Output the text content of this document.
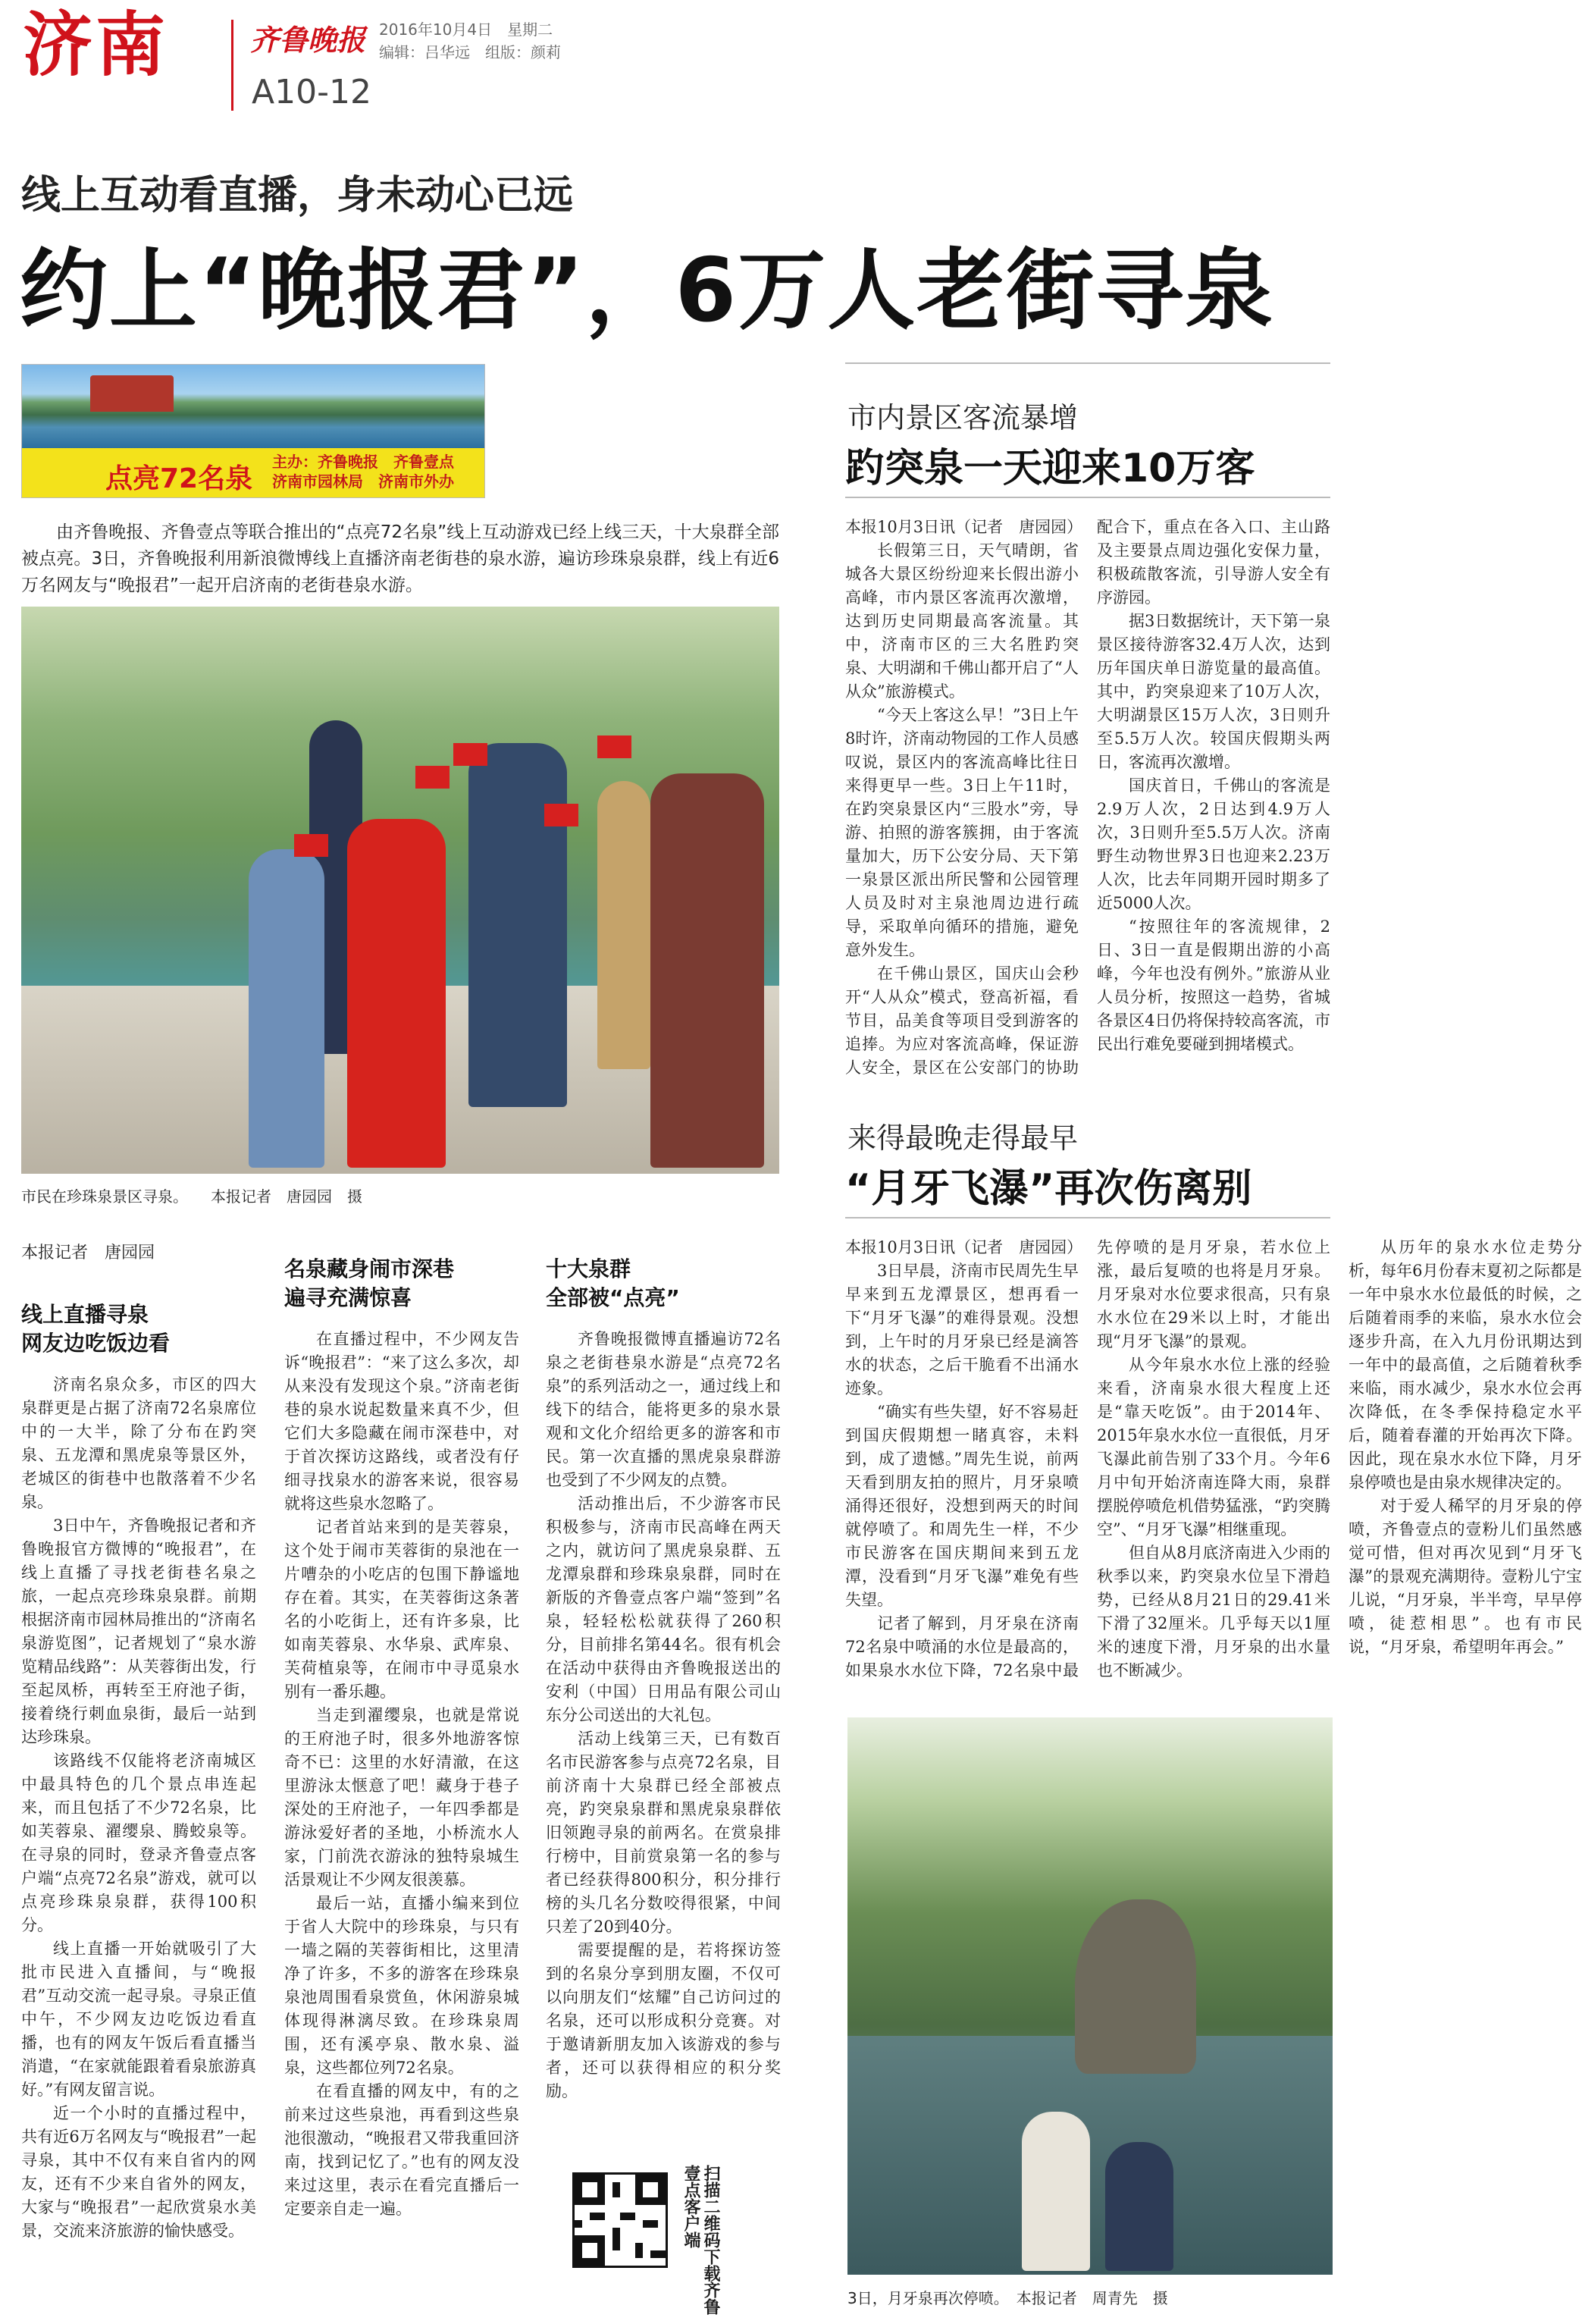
济南	齐鲁晚报 2016年10月4日　星期二
编辑：吕华远　组版：颜莉
A10-12
线上互动看直播，身未动心已远
约上“晚报君”，6万人老街寻泉
点亮72名泉
主办：齐鲁晚报　齐鲁壹点
济南市园林局　济南市外办
由齐鲁晚报、齐鲁壹点等联合推出的“点亮72名泉”线上互动游戏已经上线三天，十大泉群全部被点亮。3日，齐鲁晚报利用新浪微博线上直播济南老街巷的泉水游，遍访珍珠泉泉群，线上有近6万名网友与“晚报君”一起开启济南的老街巷泉水游。
市民在珍珠泉景区寻泉。　　本报记者　唐园园　摄
本报记者　唐园园
线上直播寻泉
网友边吃饭边看

济南名泉众多，市区的四大泉群更是占据了济南72名泉席位中的一大半，除了分布在趵突泉、五龙潭和黑虎泉等景区外，老城区的街巷中也散落着不少名泉。

3日中午，齐鲁晚报记者和齐鲁晚报官方微博的“晚报君”，在线上直播了寻找老街巷名泉之旅，一起点亮珍珠泉泉群。前期根据济南市园林局推出的“济南名泉游览图”，记者规划了“泉水游览精品线路”：从芙蓉街出发，行至起凤桥，再转至王府池子街，接着绕行刺血泉街，最后一站到达珍珠泉。

该路线不仅能将老济南城区中最具特色的几个景点串连起来，而且包括了不少72名泉，比如芙蓉泉、濯缨泉、腾蛟泉等。在寻泉的同时，登录齐鲁壹点客户端“点亮72名泉”游戏，就可以点亮珍珠泉泉群，获得100积分。

线上直播一开始就吸引了大批市民进入直播间，与“晚报君”互动交流一起寻泉。寻泉正值中午，不少网友边吃饭边看直播，也有的网友午饭后看直播当消遣，“在家就能跟着看泉旅游真好。”有网友留言说。

近一个小时的直播过程中，共有近6万名网友与“晚报君”一起寻泉，其中不仅有来自省内的网友，还有不少来自省外的网友，大家与“晚报君”一起欣赏泉水美景，交流来济旅游的愉快感受。

名泉藏身闹市深巷
遍寻充满惊喜

在直播过程中，不少网友告诉“晚报君”：“来了这么多次，却从来没有发现这个泉。”济南老街巷的泉水说起数量来真不少，但它们大多隐藏在闹市深巷中，对于首次探访这路线，或者没有仔细寻找泉水的游客来说，很容易就将这些泉水忽略了。

记者首站来到的是芙蓉泉，这个处于闹市芙蓉街的泉池在一片嘈杂的小吃店的包围下静谧地存在着。其实，在芙蓉街这条著名的小吃街上，还有许多泉，比如南芙蓉泉、水华泉、武库泉、芙荷植泉等，在闹市中寻觅泉水别有一番乐趣。

当走到濯缨泉，也就是常说的王府池子时，很多外地游客惊奇不已：这里的水好清澈，在这里游泳太惬意了吧！藏身于巷子深处的王府池子，一年四季都是游泳爱好者的圣地，小桥流水人家，门前洗衣游泳的独特泉城生活景观让不少网友很羡慕。

最后一站，直播小编来到位于省人大院中的珍珠泉，与只有一墙之隔的芙蓉街相比，这里清净了许多，不多的游客在珍珠泉泉池周围看泉赏鱼，休闲游泉城体现得淋漓尽致。在珍珠泉周围，还有溪亭泉、散水泉、溢泉，这些都位列72名泉。

在看直播的网友中，有的之前来过这些泉池，再看到这些泉池很激动，“晚报君又带我重回济南，找到记忆了。”也有的网友没来过这里，表示在看完直播后一定要亲自走一遍。

十大泉群
全部被“点亮”

齐鲁晚报微博直播遍访72名泉之老街巷泉水游是“点亮72名泉”的系列活动之一，通过线上和线下的结合，能将更多的泉水景观和文化介绍给更多的游客和市民。第一次直播的黑虎泉泉群游也受到了不少网友的点赞。

活动推出后，不少游客市民积极参与，济南市民高峰在两天之内，就访问了黑虎泉泉群、五龙潭泉群和珍珠泉泉群，同时在新版的齐鲁壹点客户端“签到”名泉，轻轻松松就获得了260积分，目前排名第44名。很有机会在活动中获得由齐鲁晚报送出的安利（中国）日用品有限公司山东分公司送出的大礼包。

活动上线第三天，已有数百名市民游客参与点亮72名泉，目前济南十大泉群已经全部被点亮，趵突泉泉群和黑虎泉泉群依旧领跑寻泉的前两名。在赏泉排行榜中，目前赏泉第一名的参与者已经获得800积分，积分排行榜的头几名分数咬得很紧，中间只差了20到40分。

需要提醒的是，若将探访签到的名泉分享到朋友圈，不仅可以向朋友们“炫耀”自己访问过的名泉，还可以形成积分竞赛。对于邀请新朋友加入该游戏的参与者，还可以获得相应的积分奖励。

扫描二维码下载齐鲁壹点客户端
市内景区客流暴增
趵突泉一天迎来10万客

本报10月3日讯（记者　唐园园）

长假第三日，天气晴朗，省城各大景区纷纷迎来长假出游小高峰，市内景区客流再次激增，达到历史同期最高客流量。其中，济南市区的三大名胜趵突泉、大明湖和千佛山都开启了“人从众”旅游模式。

“今天上客这么早！”3日上午8时许，济南动物园的工作人员感叹说，景区内的客流高峰比往日来得更早一些。3日上午11时，在趵突泉景区内“三股水”旁，导游、拍照的游客簇拥，由于客流量加大，历下公安分局、天下第一泉景区派出所民警和公园管理人员及时对主泉池周边进行疏导，采取单向循环的措施，避免意外发生。

在千佛山景区，国庆山会秒开“人从众”模式，登高祈福，看节目，品美食等项目受到游客的追捧。为应对客流高峰，保证游人安全，景区在公安部门的协助配合下，重点在各入口、主山路及主要景点周边强化安保力量，积极疏散客流，引导游人安全有序游园。

据3日数据统计，天下第一泉景区接待游客32.4万人次，达到历年国庆单日游览量的最高值。其中，趵突泉迎来了10万人次，大明湖景区15万人次，3日则升至5.5万人次。较国庆假期头两日，客流再次激增。

国庆首日，千佛山的客流是2.9万人次，2日达到4.9万人次，3日则升至5.5万人次。济南野生动物世界3日也迎来2.23万人次，比去年同期开园时期多了近5000人次。

“按照往年的客流规律，2日、3日一直是假期出游的小高峰，今年也没有例外。”旅游从业人员分析，按照这一趋势，省城各景区4日仍将保持较高客流，市民出行难免要碰到拥堵模式。

来得最晚走得最早
“月牙飞瀑”再次伤离别

本报10月3日讯（记者　唐园园）

3日早晨，济南市民周先生早早来到五龙潭景区，想再看一下“月牙飞瀑”的难得景观。没想到，上午时的月牙泉已经是滴答水的状态，之后干脆看不出涌水迹象。

“确实有些失望，好不容易赶到国庆假期想一睹真容，未料到，成了遗憾。”周先生说，前两天看到朋友拍的照片，月牙泉喷涌得还很好，没想到两天的时间就停喷了。和周先生一样，不少市民游客在国庆期间来到五龙潭，没看到“月牙飞瀑”难免有些失望。

记者了解到，月牙泉在济南72名泉中喷涌的水位是最高的，如果泉水水位下降，72名泉中最先停喷的是月牙泉，若水位上涨，最后复喷的也将是月牙泉。月牙泉对水位要求很高，只有泉水水位在29米以上时，才能出现“月牙飞瀑”的景观。

从今年泉水水位上涨的经验来看，济南泉水很大程度上还是“靠天吃饭”。由于2014年、2015年泉水水位一直很低，月牙飞瀑此前告别了33个月。今年6月中旬开始济南连降大雨，泉群摆脱停喷危机借势猛涨，“趵突腾空”、“月牙飞瀑”相继重现。

但自从8月底济南进入少雨的秋季以来，趵突泉水位呈下滑趋势，已经从8月21日的29.41米下滑了32厘米。几乎每天以1厘米的速度下滑，月牙泉的出水量也不断减少。

从历年的泉水水位走势分析，每年6月份春末夏初之际都是一年中泉水水位最低的时候，之后随着雨季的来临，泉水水位会逐步升高，在入九月份讯期达到一年中的最高值，之后随着秋季来临，雨水减少，泉水水位会再次降低，在冬季保持稳定水平后，随着春灌的开始再次下降。因此，现在泉水水位下降，月牙泉停喷也是由泉水规律决定的。

对于爱人稀罕的月牙泉的停喷，齐鲁壹点的壹粉儿们虽然感觉可惜，但对再次见到“月牙飞瀑”的景观充满期待。壹粉儿宁宝儿说，“月牙泉，半半弯，早早停喷，徒惹相思”。也有市民说，“月牙泉，希望明年再会。”

3日，月牙泉再次停喷。　本报记者　周青先　摄
